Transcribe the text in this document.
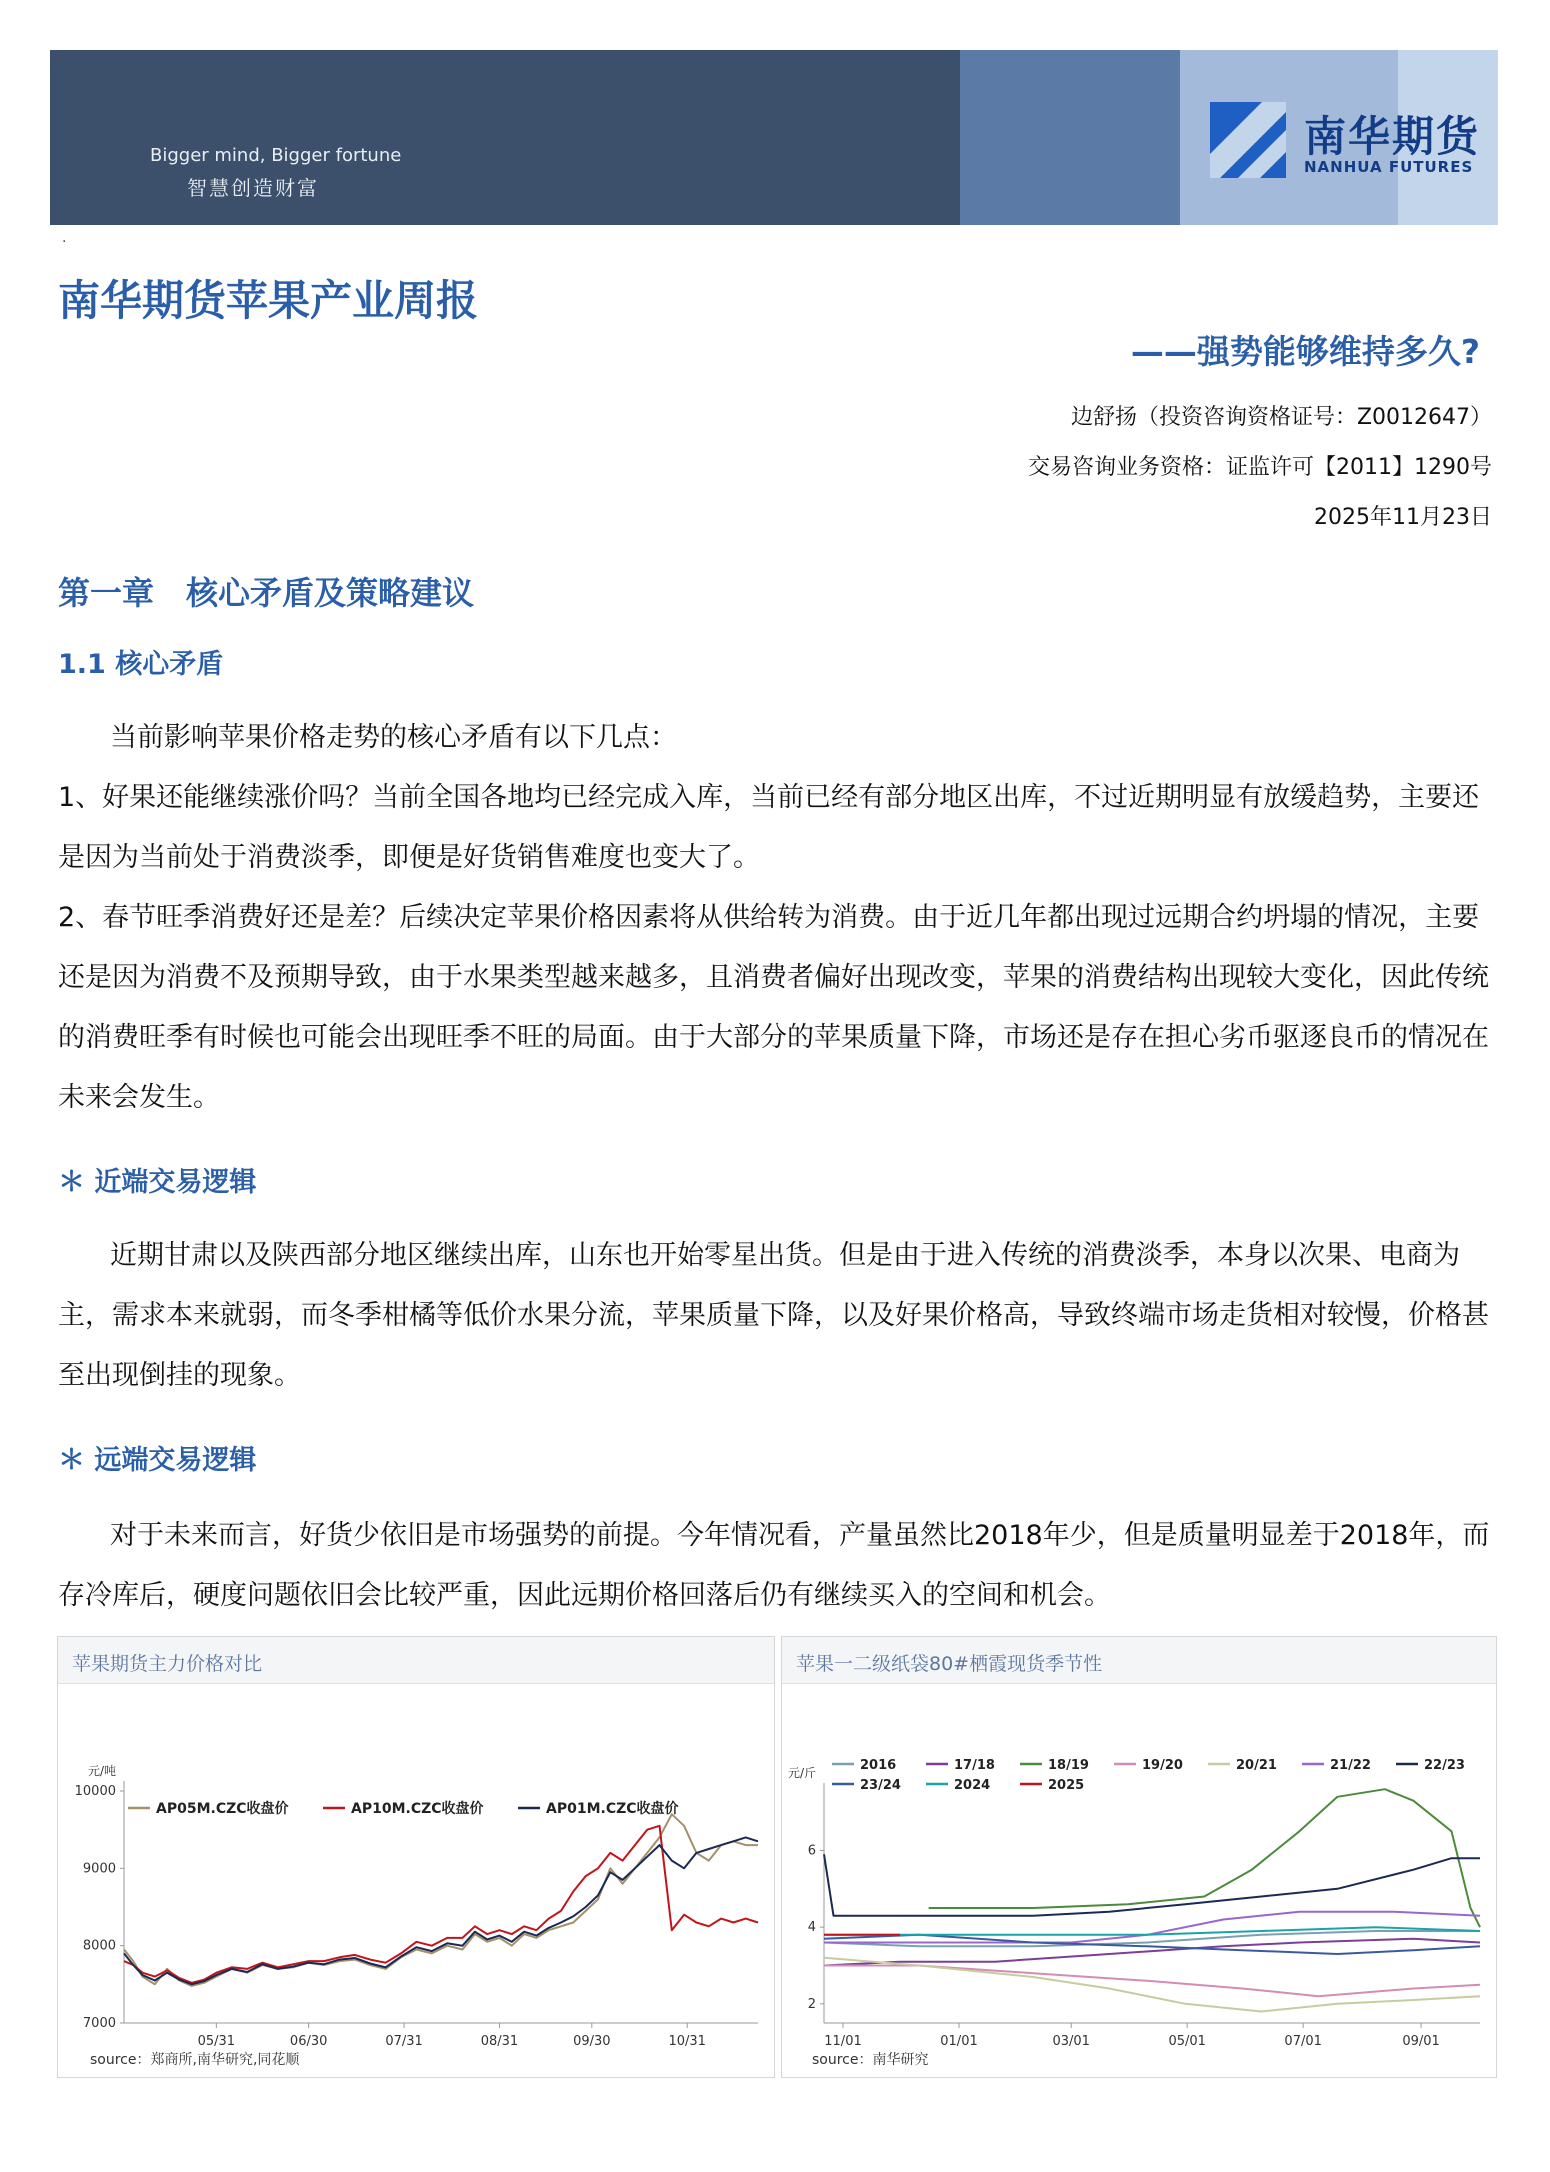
Bigger mind, Bigger fortune
智慧创造财富
南华期货
NANHUA FUTURES
.
南华期货苹果产业周报
——强势能够维持多久?
边舒扬（投资咨询资格证号：Z0012647）
交易咨询业务资格：证监许可【2011】1290号
2025年11月23日
第一章　核心矛盾及策略建议
1.1 核心矛盾
当前影响苹果价格走势的核心矛盾有以下几点：
1、好果还能继续涨价吗？当前全国各地均已经完成入库，当前已经有部分地区出库，不过近期明显有放缓趋势，主要还是因为当前处于消费淡季，即便是好货销售难度也变大了。
2、春节旺季消费好还是差？后续决定苹果价格因素将从供给转为消费。由于近几年都出现过远期合约坍塌的情况，主要还是因为消费不及预期导致，由于水果类型越来越多，且消费者偏好出现改变，苹果的消费结构出现较大变化，因此传统的消费旺季有时候也可能会出现旺季不旺的局面。由于大部分的苹果质量下降，市场还是存在担心劣币驱逐良币的情况在未来会发生。
＊ 近端交易逻辑
近期甘肃以及陕西部分地区继续出库，山东也开始零星出货。但是由于进入传统的消费淡季，本身以次果、电商为主，需求本来就弱，而冬季柑橘等低价水果分流，苹果质量下降，以及好果价格高，导致终端市场走货相对较慢，价格甚至出现倒挂的现象。
＊ 远端交易逻辑
对于未来而言，好货少依旧是市场强势的前提。今年情况看，产量虽然比2018年少，但是质量明显差于2018年，而存冷库后，硬度问题依旧会比较严重，因此远期价格回落后仍有继续买入的空间和机会。
苹果期货主力价格对比
元/吨
7000
8000
9000
10000
05/31	06/30	07/31	08/31	09/30	10/31
AP05M.CZC收盘价	AP10M.CZC收盘价	AP01M.CZC收盘价
source：郑商所,南华研究,同花顺
苹果一二级纸袋80#栖霞现货季节性
元/斤
2
4
6
11/01	01/01	03/01	05/01	07/01	09/01
2016	17/18	18/19	19/20	20/21	21/22	22/23
23/24	2024	2025
source：南华研究
